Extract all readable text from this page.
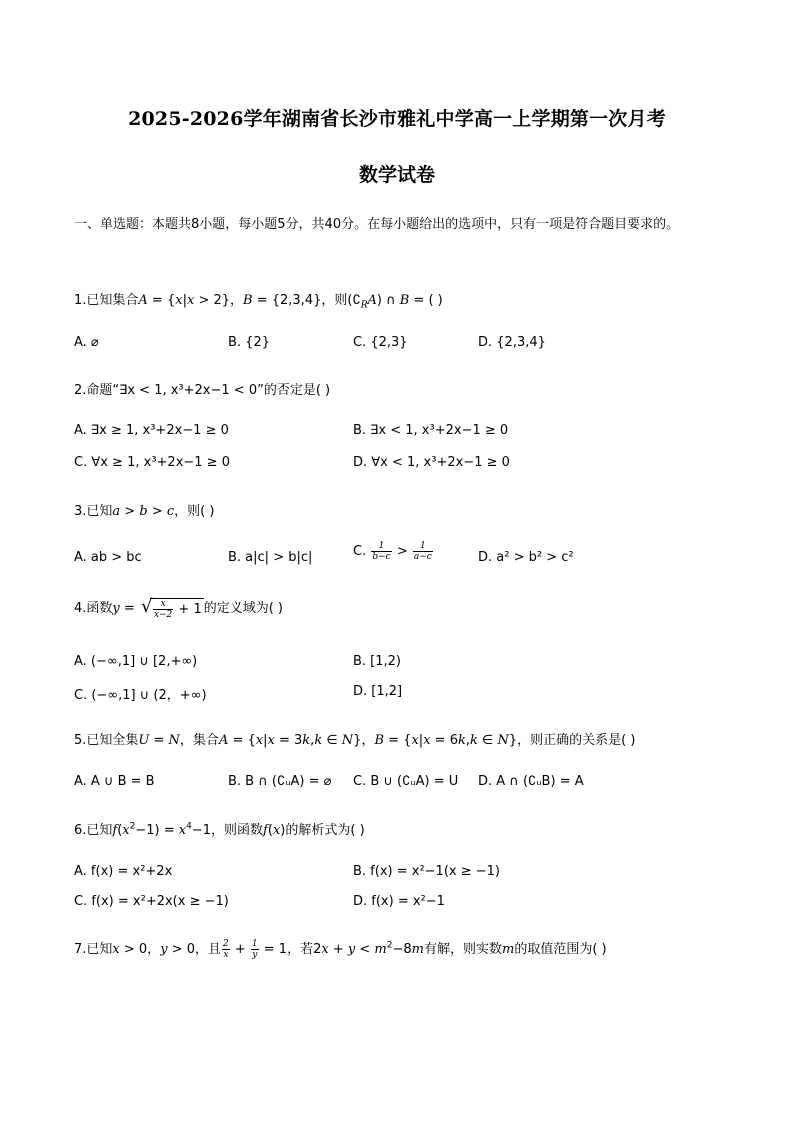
2025-2026学年湖南省长沙市雅礼中学高一上学期第一次月考
数学试卷
一、单选题：本题共8小题，每小题5分，共40分。在每小题给出的选项中，只有一项是符合题目要求的。
1.已知集合A = {x|x > 2}，B = {2,3,4}，则$(∁_RA)$ ∩ B = ( )
A. ⌀	B. {2}	C. {2,3}	D. {2,3,4}
2.命题“∃x < 1, x³+2x−1 < 0”的否定是( )
A. ∃x ≥ 1, x³+2x−1 ≥ 0	B. ∃x < 1, x³+2x−1 ≥ 0
C. ∀x ≥ 1, x³+2x−1 ≥ 0	D. ∀x < 1, x³+2x−1 ≥ 0
3.已知a > b > c，则( )
A. ab > bc	B. a|c| > b|c|	C. $\frac{1}{b-c} > \frac{1}{a-c}$	D. a² > b² > c²
4.函数y = √ $\frac{x}{x-2} + 1$ 的定义域为( )
A. (−∞,1] ∪ [2,+∞)	B. [1,2)
C. (−∞,1] ∪ (2，+∞)	D. [1,2]
5.已知全集U = N，集合A = {x|x = 3k,k ∈ N}，B = {x|x = 6k,k ∈ N}，则正确的关系是( )
A. A ∪ B = B	B. B ∩ (∁ᵤA) = ⌀ C. B ∪ (∁ᵤA) = U D. A ∩ (∁ᵤB) = A
6.已知$f(x^2-1) = x^4-1$，则函数f(x)的解析式为( )
A. f(x) = x²+2x	B. f(x) = x²−1(x ≥ −1)
C. f(x) = x²+2x(x ≥ −1)	D. f(x) = x²−1
7.已知x > 0，y > 0，且 $\frac{2}{x} + \frac{1}{y} = 1$，若$2x + y < m^2-8m$有解，则实数m的取值范围为( )
